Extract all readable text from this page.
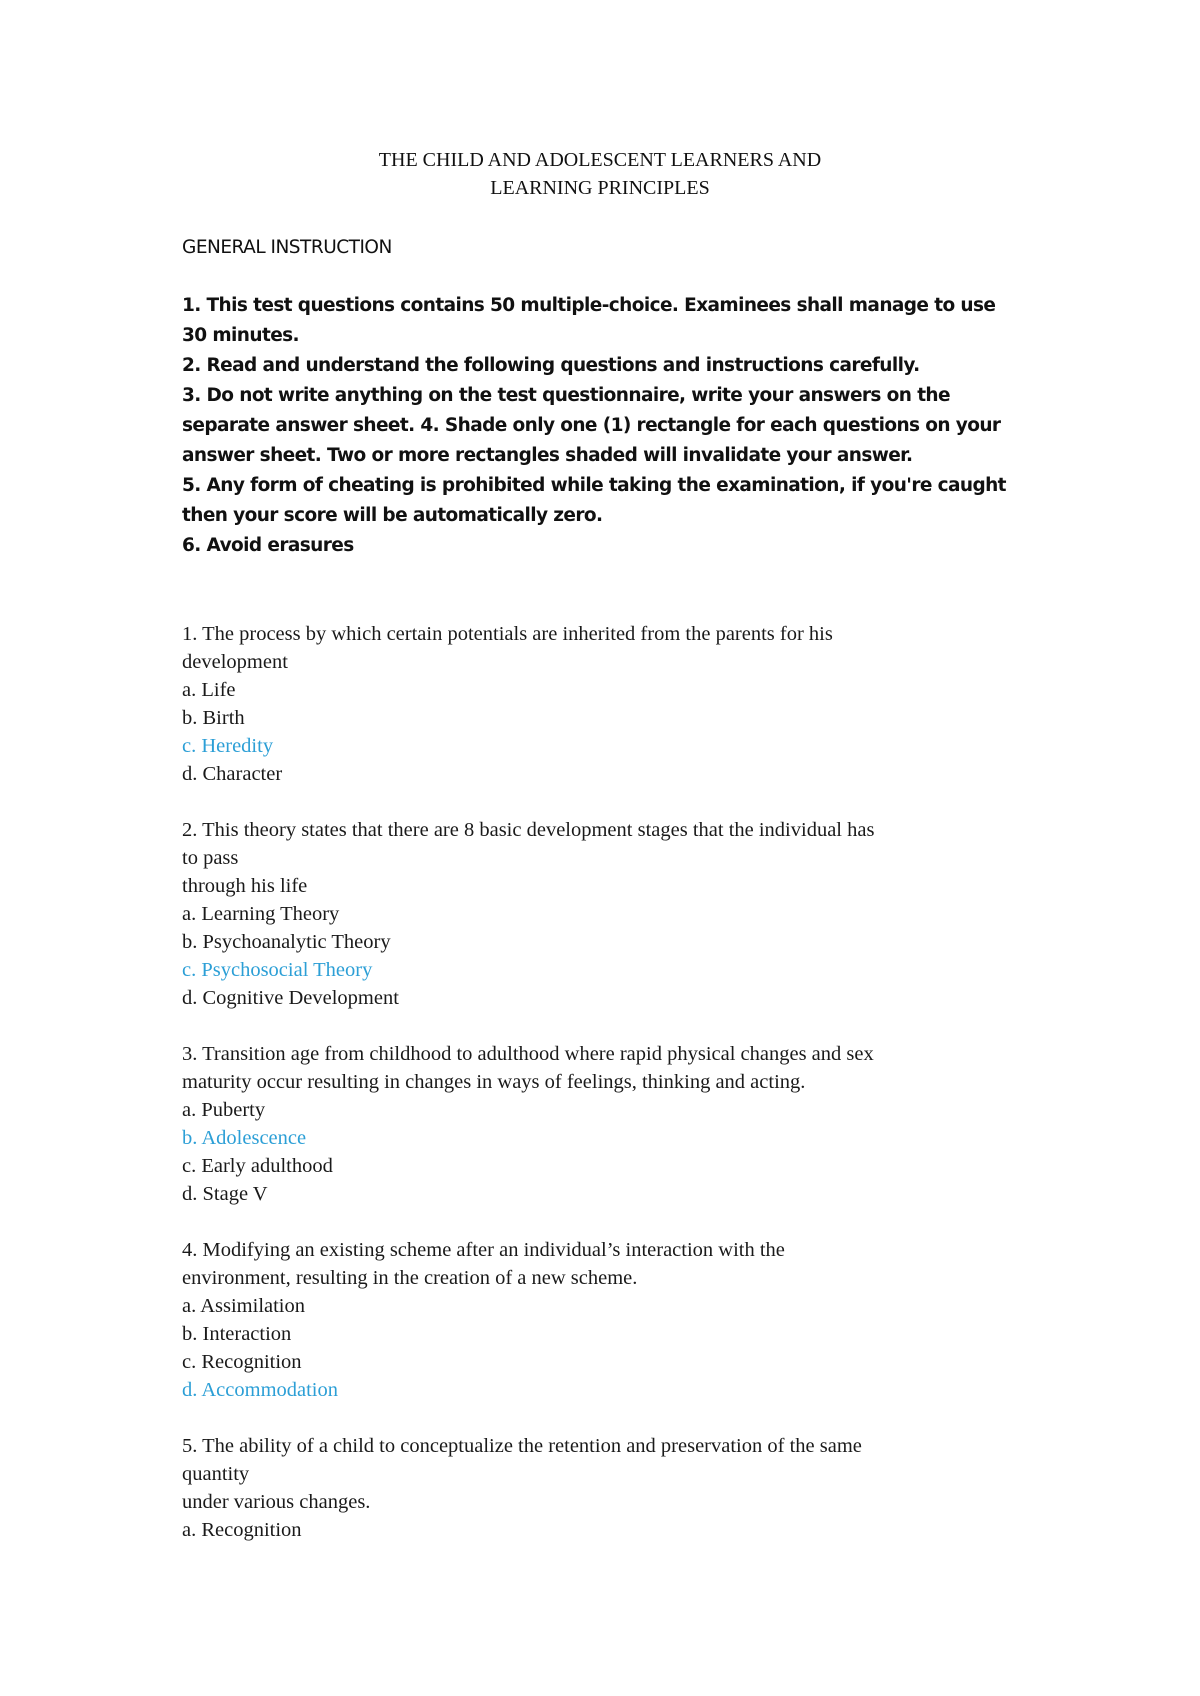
THE CHILD AND ADOLESCENT LEARNERS AND
LEARNING PRINCIPLES
GENERAL INSTRUCTION
1. This test questions contains 50 multiple-choice. Examinees shall manage to use
30 minutes.
2. Read and understand the following questions and instructions carefully.
3. Do not write anything on the test questionnaire, write your answers on the
separate answer sheet. 4. Shade only one (1) rectangle for each questions on your
answer sheet. Two or more rectangles shaded will invalidate your answer.
5. Any form of cheating is prohibited while taking the examination, if you're caught
then your score will be automatically zero.
6. Avoid erasures
1. The process by which certain potentials are inherited from the parents for his
development
a. Life
b. Birth
c. Heredity
d. Character
2. This theory states that there are 8 basic development stages that the individual has
to pass
through his life
a. Learning Theory
b. Psychoanalytic Theory
c. Psychosocial Theory
d. Cognitive Development
3. Transition age from childhood to adulthood where rapid physical changes and sex
maturity occur resulting in changes in ways of feelings, thinking and acting.
a. Puberty
b. Adolescence
c. Early adulthood
d. Stage V
4. Modifying an existing scheme after an individual’s interaction with the
environment, resulting in the creation of a new scheme.
a. Assimilation
b. Interaction
c. Recognition
d. Accommodation
5. The ability of a child to conceptualize the retention and preservation of the same
quantity
under various changes.
a. Recognition
